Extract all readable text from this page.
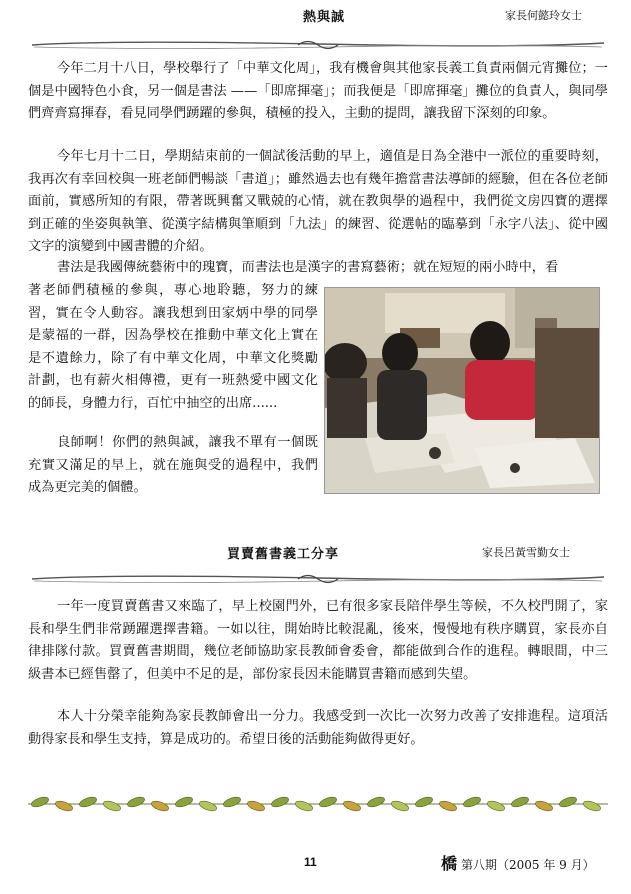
熱與誠	家長何懿玲女士
今年二月十八日，學校舉行了「中華文化周」，我有機會與其他家長義工負責兩個元宵攤位；一個是中國特色小食，另一個是書法 ——「即席揮毫」；而我便是「即席揮毫」攤位的負責人，與同學們齊齊寫揮春，看見同學們踴躍的參與，積極的投入，主動的提問，讓我留下深刻的印象。
今年七月十二日，學期結束前的一個試後活動的早上，適值是日為全港中一派位的重要時刻，我再次有幸回校與一班老師們暢談「書道」；雖然過去也有幾年擔當書法導師的經驗，但在各位老師面前，實感所知的有限，帶著既興奮又戰兢的心情，就在教與學的過程中，我們從文房四寶的選擇到正確的坐姿與執筆、從漢字結構與筆順到「九法」的練習、從選帖的臨摹到「永字八法」、從中國文字的演變到中國書體的介紹。
書法是我國傳統藝術中的瑰寶，而書法也是漢字的書寫藝術；就在短短的兩小時中，看
著老師們積極的參與，專心地聆聽，努力的練習，實在令人動容。讓我想到田家炳中學的同學是蒙福的一群，因為學校在推動中華文化上實在是不遺餘力，除了有中華文化周，中華文化獎勵計劃，也有薪火相傳禮，更有一班熱愛中國文化的師長，身體力行，百忙中抽空的出席......
良師啊！你們的熱與誠，讓我不單有一個既充實又滿足的早上，就在施與受的過程中，我們成為更完美的個體。
買賣舊書義工分享	家長呂黃雪勤女士
一年一度買賣舊書又來臨了，早上校園門外，已有很多家長陪伴學生等候，不久校門開了，家長和學生們非常踴躍選擇書籍。一如以往，開始時比較混亂，後來，慢慢地有秩序購買，家長亦自律排隊付款。買賣舊書期間，幾位老師協助家長教師會委會，都能做到合作的進程。轉眼間，中三級書本已經售罄了，但美中不足的是，部份家長因未能購買書籍而感到失望。
本人十分榮幸能夠為家長教師會出一分力。我感受到一次比一次努力改善了安排進程。這項活動得家長和學生支持，算是成功的。希望日後的活動能夠做得更好。
11	橋 第八期（2005 年 9 月）
